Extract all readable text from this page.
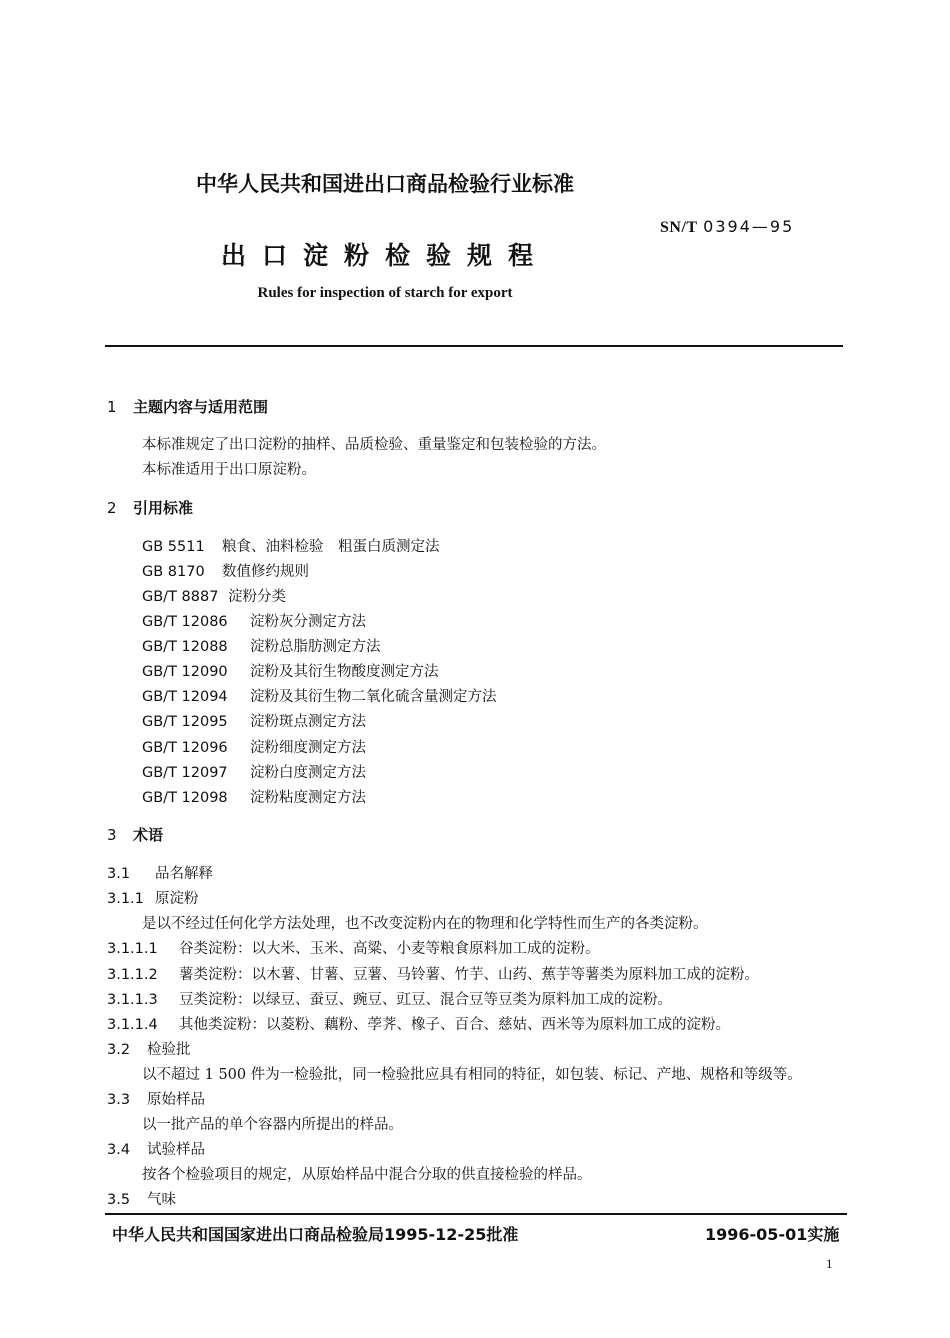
中华人民共和国进出口商品检验行业标准
SN/T 0394—95
出口淀粉检验规程
Rules for inspection of starch for export
1 主题内容与适用范围
本标准规定了出口淀粉的抽样、品质检验、重量鉴定和包装检验的方法。
本标准适用于出口原淀粉。
2 引用标准
GB 5511 粮食、油料检验　粗蛋白质测定法
GB 8170 数值修约规则
GB/T 8887 淀粉分类
GB/T 12086 淀粉灰分测定方法
GB/T 12088 淀粉总脂肪测定方法
GB/T 12090 淀粉及其衍生物酸度测定方法
GB/T 12094 淀粉及其衍生物二氧化硫含量测定方法
GB/T 12095 淀粉斑点测定方法
GB/T 12096 淀粉细度测定方法
GB/T 12097 淀粉白度测定方法
GB/T 12098 淀粉粘度测定方法
3 术语
3.1 品名解释
3.1.1 原淀粉
是以不经过任何化学方法处理，也不改变淀粉内在的物理和化学特性而生产的各类淀粉。
3.1.1.1 谷类淀粉：以大米、玉米、高粱、小麦等粮食原料加工成的淀粉。
3.1.1.2 薯类淀粉：以木薯、甘薯、豆薯、马铃薯、竹芋、山药、蕉芋等薯类为原料加工成的淀粉。
3.1.1.3 豆类淀粉：以绿豆、蚕豆、豌豆、豇豆、混合豆等豆类为原料加工成的淀粉。
3.1.1.4 其他类淀粉：以菱粉、藕粉、荸荠、橡子、百合、慈姑、西米等为原料加工成的淀粉。
3.2 检验批
以不超过 1 500 件为一检验批，同一检验批应具有相同的特征，如包装、标记、产地、规格和等级等。
3.3 原始样品
以一批产品的单个容器内所提出的样品。
3.4 试验样品
按各个检验项目的规定，从原始样品中混合分取的供直接检验的样品。
3.5 气味
中华人民共和国国家进出口商品检验局1995-12-25批准	1996-05-01实施
1
